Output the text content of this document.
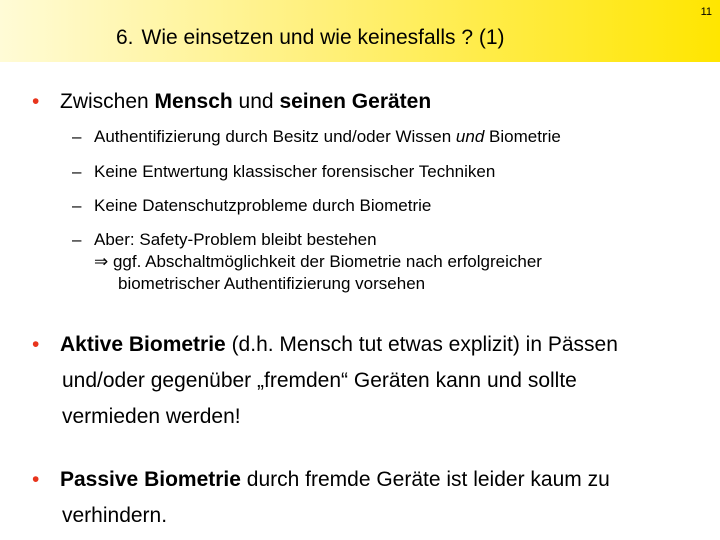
11
6. Wie einsetzen und wie keinesfalls ? (1)
• Zwischen Mensch und seinen Geräten
– Authentifizierung durch Besitz und/oder Wissen und Biometrie
– Keine Entwertung klassischer forensischer Techniken
– Keine Datenschutzprobleme durch Biometrie
– Aber: Safety-Problem bleibt bestehen
⇒ ggf. Abschaltmöglichkeit der Biometrie nach erfolgreicher
biometrischer Authentifizierung vorsehen
• Aktive Biometrie (d.h. Mensch tut etwas explizit) in Pässen
und/oder gegenüber „fremden“ Geräten kann und sollte
vermieden werden!
• Passive Biometrie durch fremde Geräte ist leider kaum zu
verhindern.
